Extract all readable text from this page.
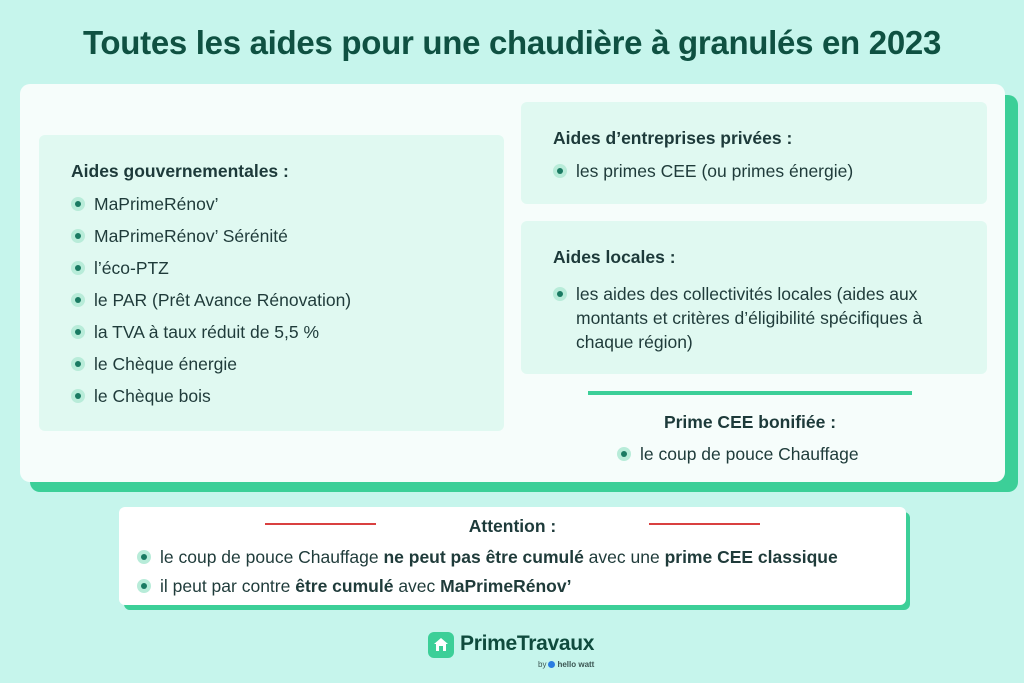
Toutes les aides pour une chaudière à granulés en 2023
Aides gouvernementales :
MaPrimeRénov’
MaPrimeRénov’ Sérénité
l’éco-PTZ
le PAR (Prêt Avance Rénovation)
la TVA à taux réduit de 5,5 %
le Chèque énergie
le Chèque bois
Aides d’entreprises privées :
les primes CEE (ou primes énergie)
Aides locales :
les aides des collectivités locales (aides aux montants et critères d’éligibilité spécifiques à chaque région)
Prime CEE bonifiée :
le coup de pouce Chauffage
Attention :
le coup de pouce Chauffage ne peut pas être cumulé avec une prime CEE classique
il peut par contre être cumulé avec MaPrimeRénov’
PrimeTravaux
by hello watt
